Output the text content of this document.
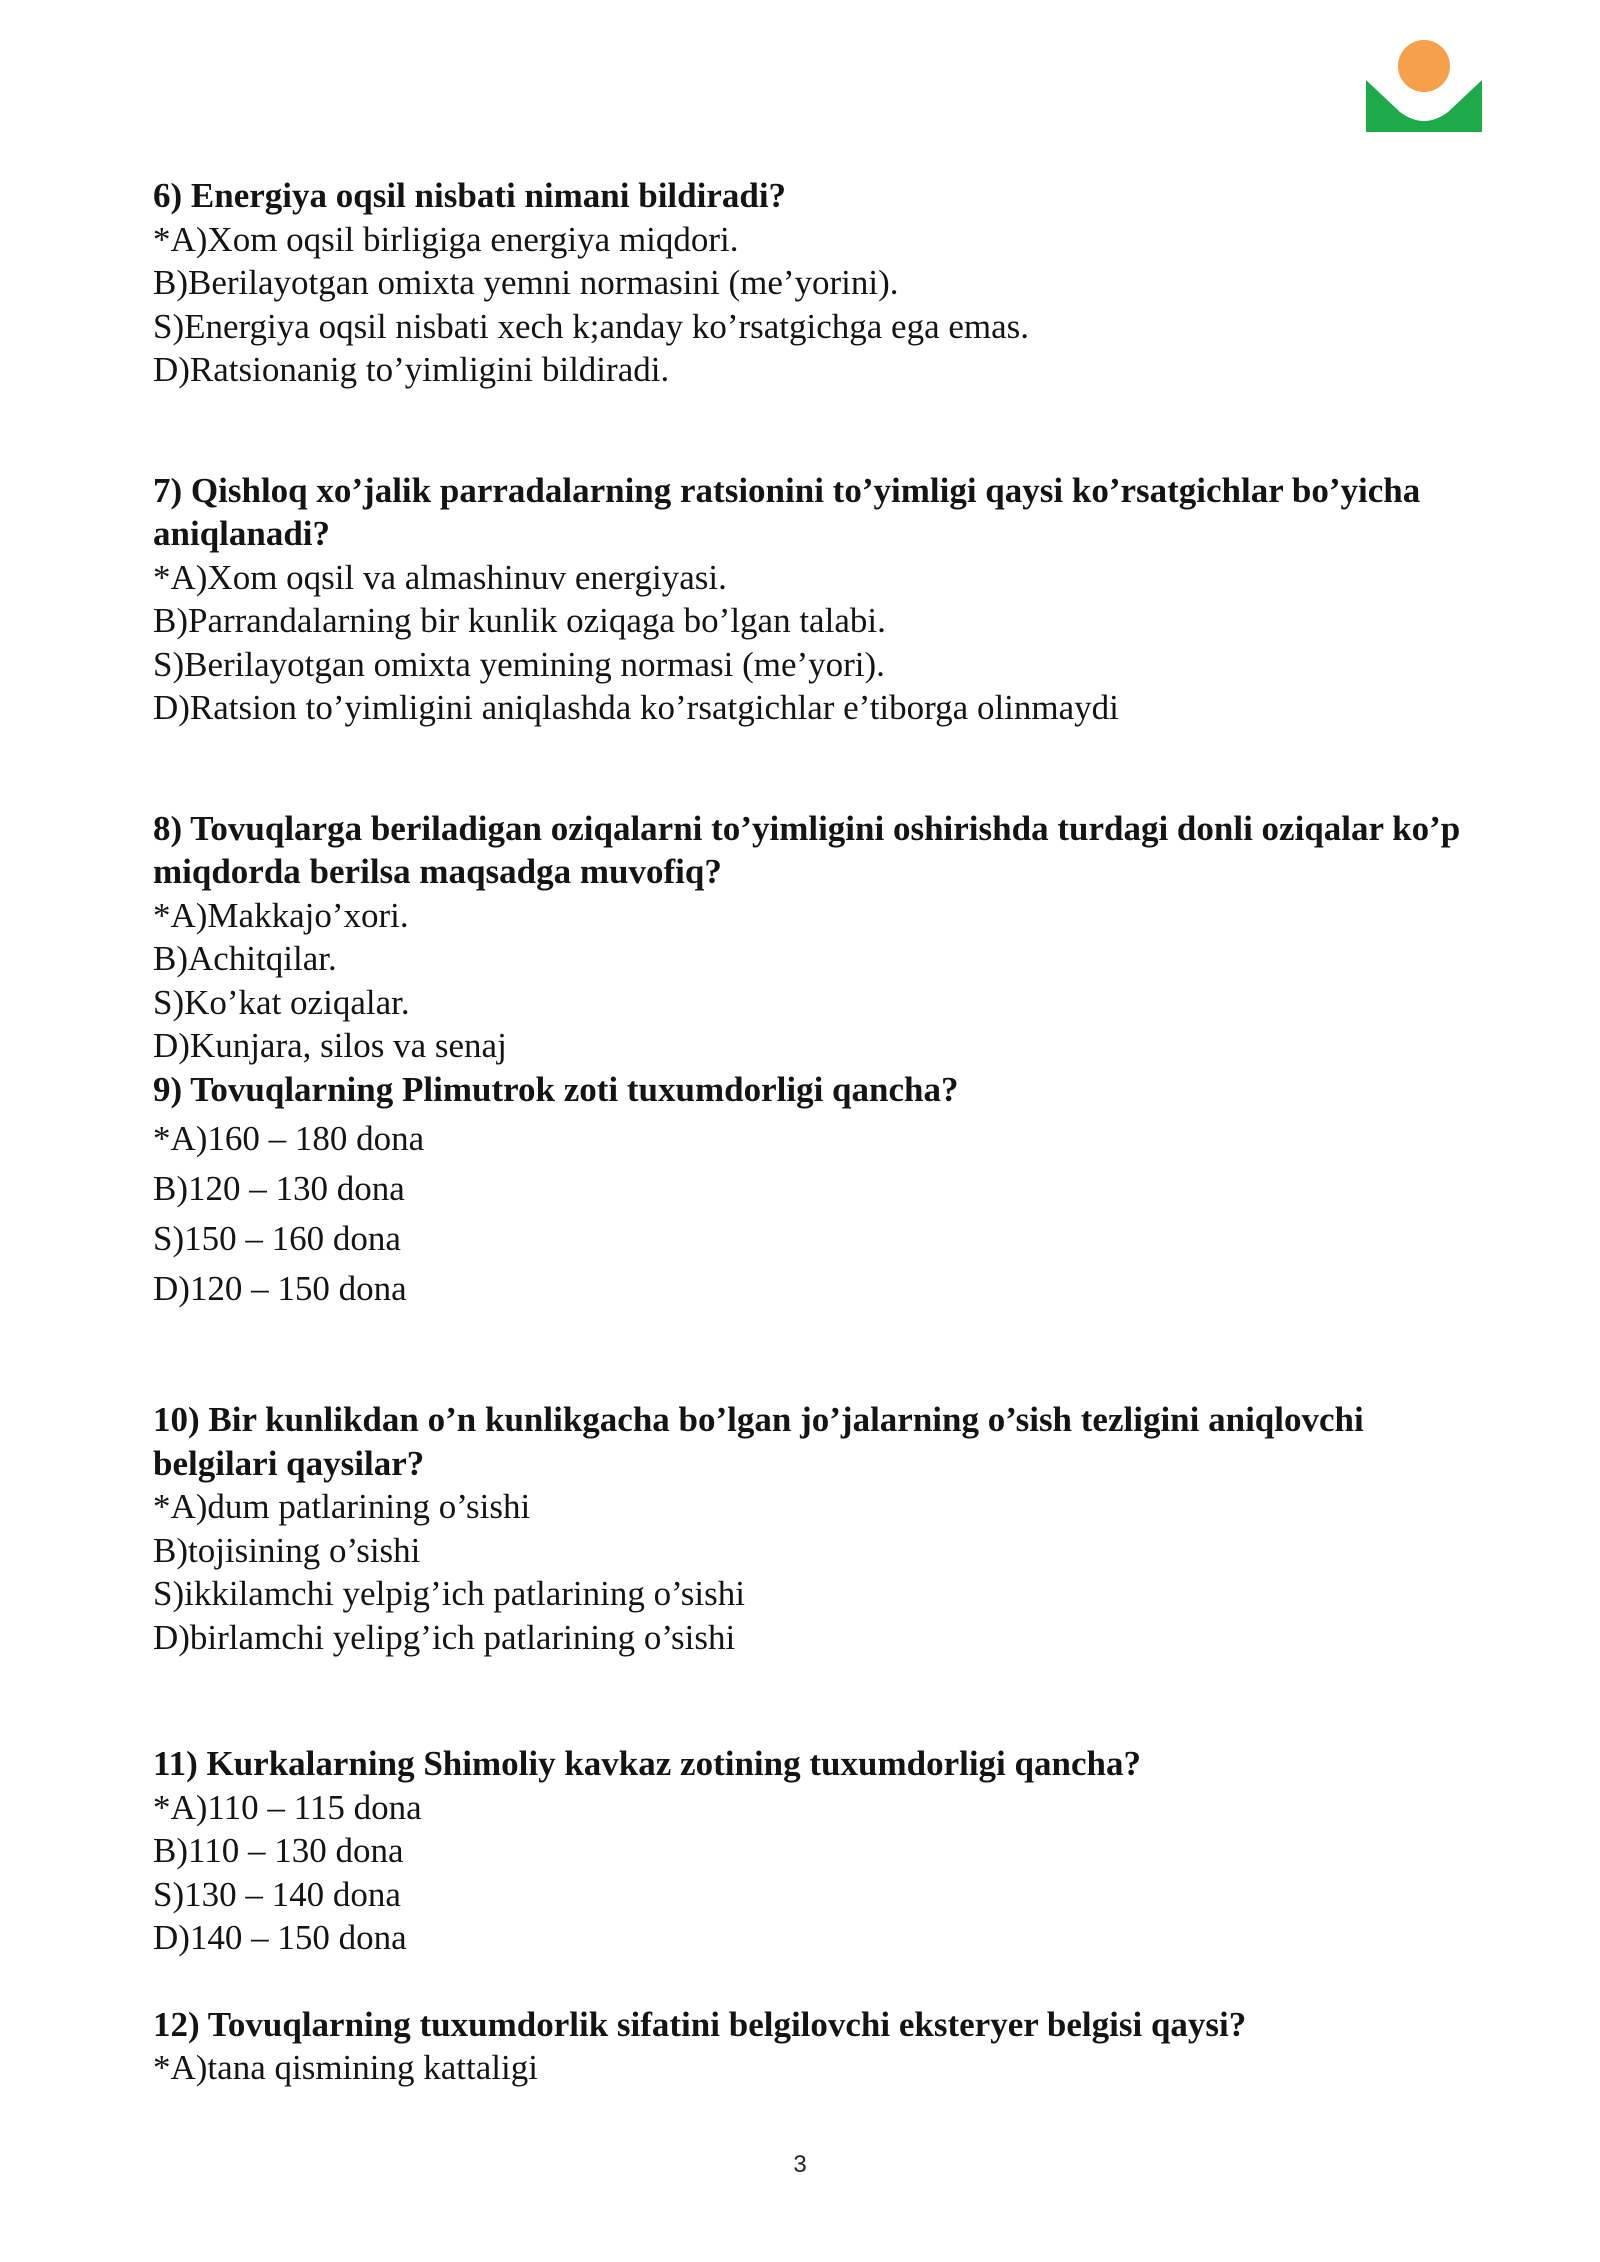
6) Energiya oqsil nisbati nimani bildiradi?

*A)Xom oqsil birligiga energiya miqdori.

B)Berilayotgan omixta yemni normasini (me’yorini).

S)Energiya oqsil nisbati xech k;anday ko’rsatgichga ega emas.

D)Ratsionanig to’yimligini bildiradi.

7) Qishloq xo’jalik parradalarning ratsionini to’yimligi qaysi ko’rsatgichlar bo’yicha aniqlanadi?

*A)Xom oqsil va almashinuv energiyasi.

B)Parrandalarning bir kunlik oziqaga bo’lgan talabi.

S)Berilayotgan omixta yemining normasi (me’yori).

D)Ratsion to’yimligini aniqlashda ko’rsatgichlar e’tiborga olinmaydi

8) Tovuqlarga beriladigan oziqalarni to’yimligini oshirishda turdagi donli oziqalar ko’p miqdorda berilsa maqsadga muvofiq?

*A)Makkajo’xori.

B)Achitqilar.

S)Ko’kat oziqalar.

D)Kunjara, silos va senaj

9) Tovuqlarning Plimutrok zoti tuxumdorligi qancha?

*A)160 – 180 dona

B)120 – 130 dona

S)150 – 160 dona

D)120 – 150 dona

10) Bir kunlikdan o’n kunlikgacha bo’lgan jo’jalarning o’sish tezligini aniqlovchi belgilari qaysilar?

*A)dum patlarining o’sishi

B)tojisining o’sishi

S)ikkilamchi yelpig’ich patlarining o’sishi

D)birlamchi yelipg’ich patlarining o’sishi

11) Kurkalarning Shimoliy kavkaz zotining tuxumdorligi qancha?

*A)110 – 115 dona

B)110 – 130 dona

S)130 – 140 dona

D)140 – 150 dona

12) Tovuqlarning tuxumdorlik sifatini belgilovchi eksteryer belgisi qaysi?

*A)tana qismining kattaligi

3
